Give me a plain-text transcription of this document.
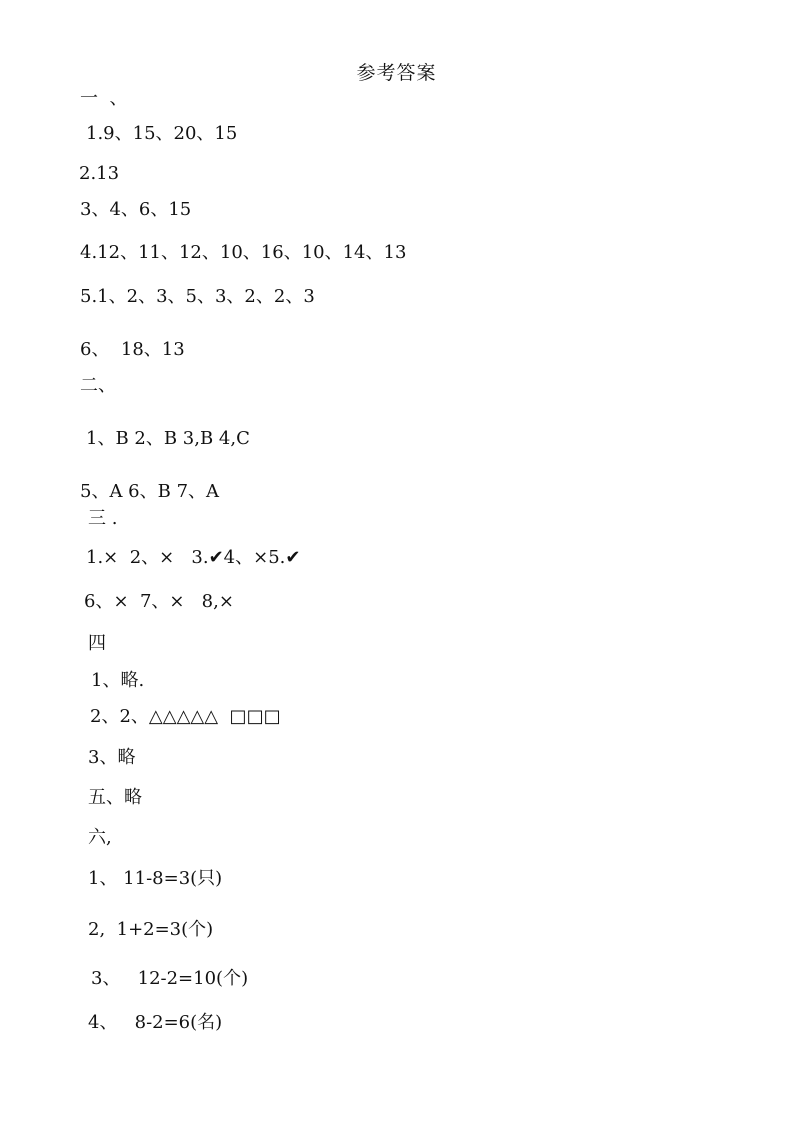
参考答案
一  、
1.9、15、20、15
2.13
3、4、6、15
4.12、11、12、10、16、10、14、13
5.1、2、3、5、3、2、2、3
6、  18、13
二、
1、B 2、B 3,B 4,C
5、A 6、B 7、A
三 .
1.×  2、×   3.✔4、×5.✔
6、×  7、×   8,×
四
1、略.
2、2、△△△△△  □□□
3、略
五、略
六,
1、 11-8=3(只)
2,  1+2=3(个)
3、   12-2=10(个)
4、   8-2=6(名)
